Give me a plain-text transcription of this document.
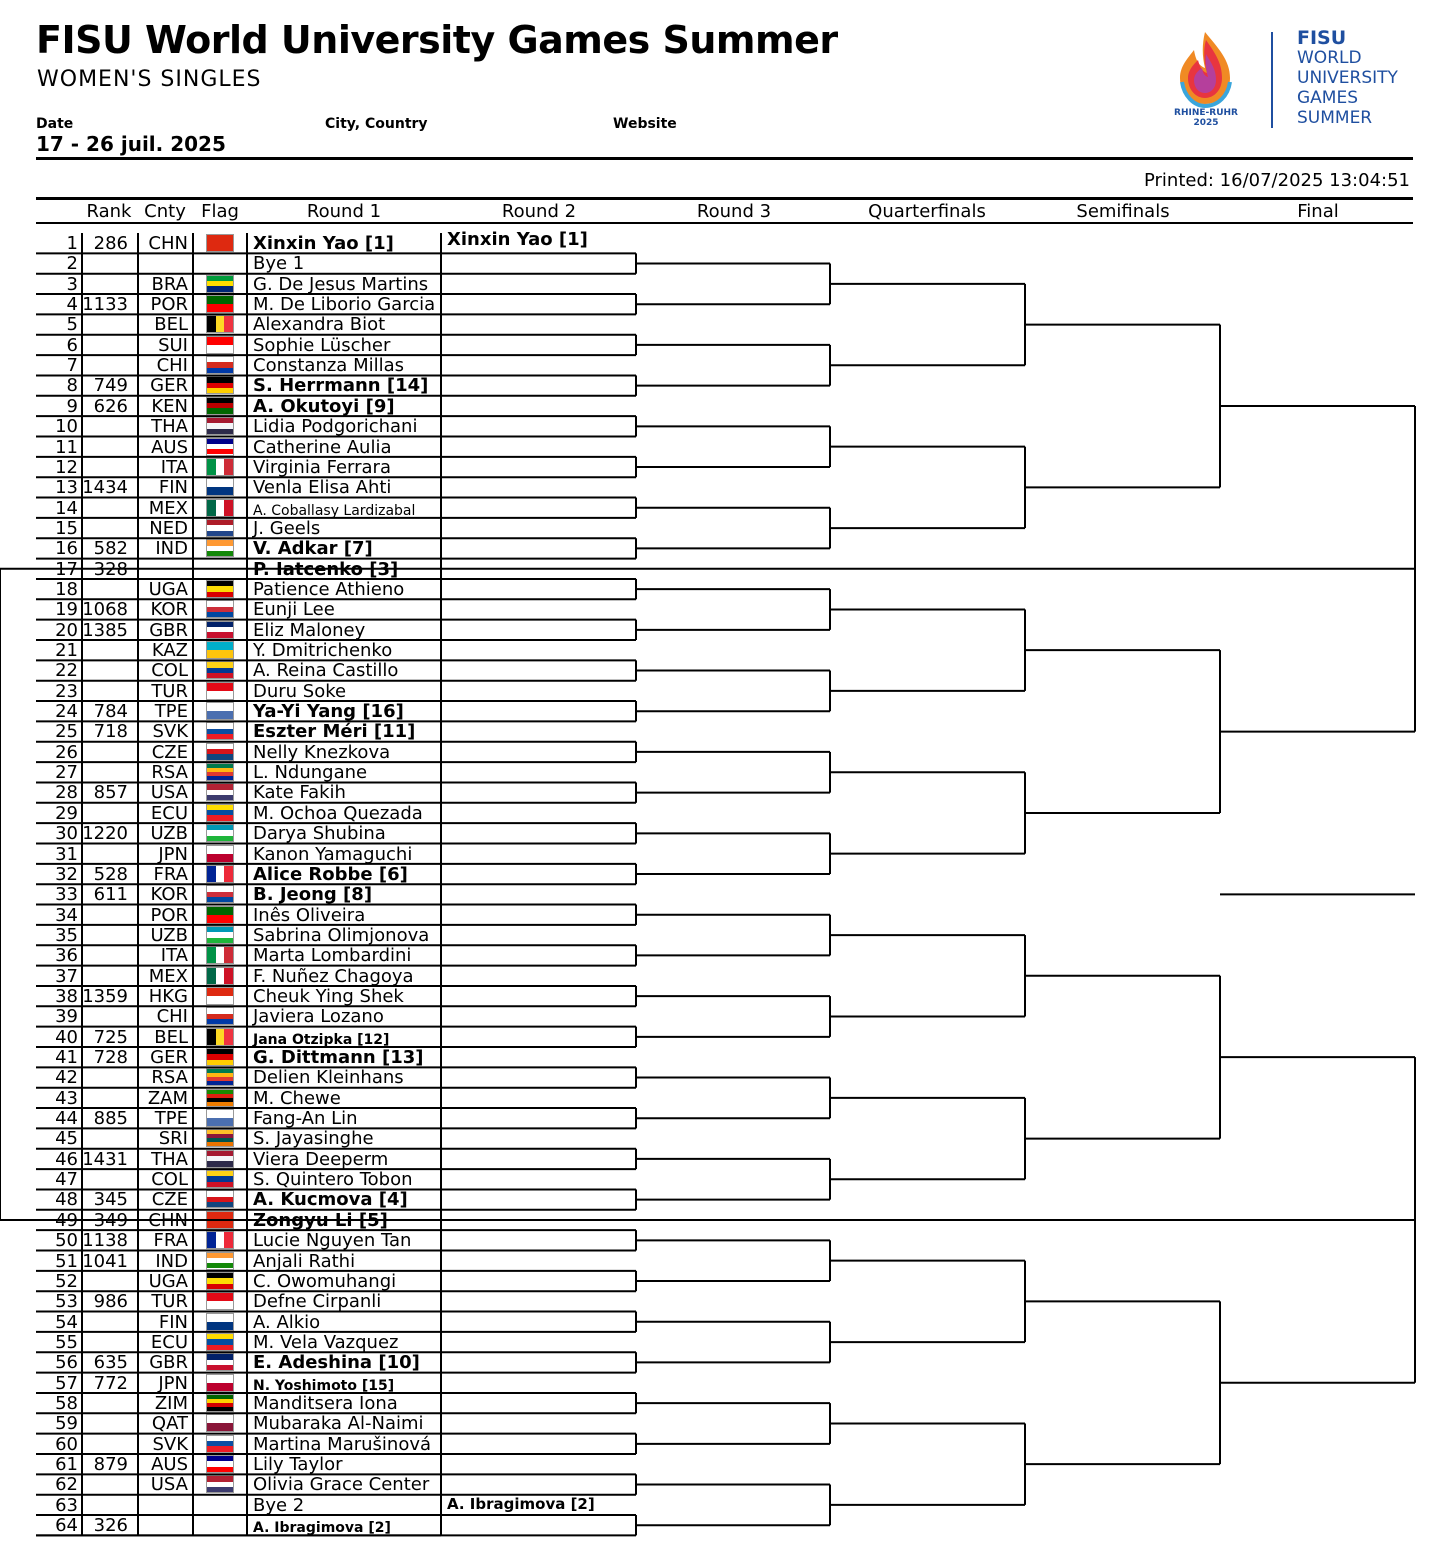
FISU World University Games Summer
WOMEN'S SINGLES
Date
17 - 26 juil. 2025
City, Country	Website
RHINE-RUHR
2025
FISU
WORLD
UNIVERSITY
GAMES
SUMMER
Printed: 16/07/2025 13:04:51
Rank Cnty Flag	Round 1	Round 2	Round 3	Quarterfinals	Semifinals	Final
1 286	CHN	Xinxin Yao [1]
2	Bye 1
3	BRA	G. De Jesus Martins
4 1133	POR	M. De Liborio Garcia
5	BEL	Alexandra Biot
6	SUI	Sophie Lüscher
7	CHI	Constanza Millas
8 749	GER	S. Herrmann [14]
9 626	KEN	A. Okutoyi [9]
10	THA	Lidia Podgorichani
11	AUS	Catherine Aulia
12	ITA	Virginia Ferrara
13 1434	FIN	Venla Elisa Ahti
14	MEX	A. Coballasy Lardizabal
15	NED	J. Geels
16 582	IND	V. Adkar [7]
17 328	P. Iatcenko [3]
18	UGA	Patience Athieno
19 1068	KOR	Eunji Lee
20 1385	GBR	Eliz Maloney
21	KAZ	Y. Dmitrichenko
22	COL	A. Reina Castillo
23	TUR	Duru Soke
24 784	TPE	Ya-Yi Yang [16]
25 718	SVK	Eszter Méri [11]
26	CZE	Nelly Knezkova
27	RSA	L. Ndungane
28 857	USA	Kate Fakih
29	ECU	M. Ochoa Quezada
30 1220	UZB	Darya Shubina
31	JPN	Kanon Yamaguchi
32 528	FRA	Alice Robbe [6]
33 611	KOR	B. Jeong [8]
34	POR	Inês Oliveira
35	UZB	Sabrina Olimjonova
36	ITA	Marta Lombardini
37	MEX	F. Nuñez Chagoya
38 1359	HKG	Cheuk Ying Shek
39	CHI	Javiera Lozano
40 725	BEL	Jana Otzipka [12]
41 728	GER	G. Dittmann [13]
42	RSA	Delien Kleinhans
43	ZAM	M. Chewe
44 885	TPE	Fang-An Lin
45	SRI	S. Jayasinghe
46 1431	THA	Viera Deeperm
47	COL	S. Quintero Tobon
48 345	CZE	A. Kucmova [4]
49 349	CHN	Zongyu Li [5]
50 1138	FRA	Lucie Nguyen Tan
51 1041	IND	Anjali Rathi
52	UGA	C. Owomuhangi
53 986	TUR	Defne Cirpanli
54	FIN	A. Alkio
55	ECU	M. Vela Vazquez
56 635	GBR	E. Adeshina [10]
57 772	JPN	N. Yoshimoto [15]
58	ZIM	Manditsera Iona
59	QAT	Mubaraka Al-Naimi
60	SVK	Martina Marušinová
61 879	AUS	Lily Taylor
62	USA	Olivia Grace Center
63	Bye 2
64 326	A. Ibragimova [2]
Xinxin Yao [1]
A. Ibragimova [2]
